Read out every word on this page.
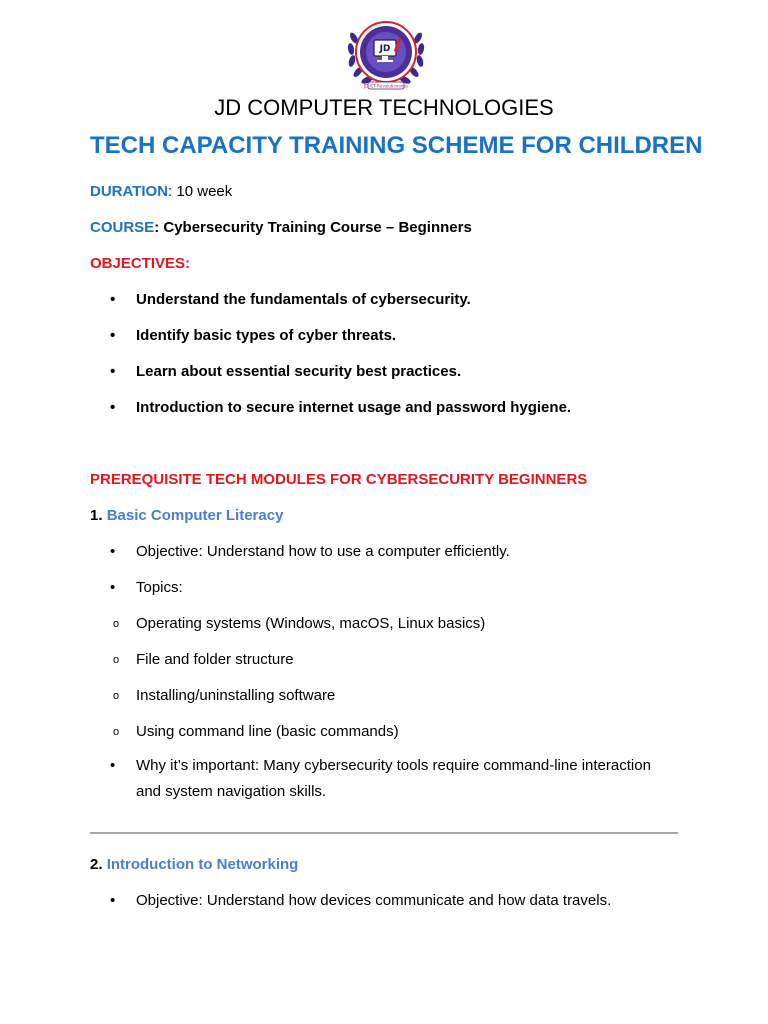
JD ICT Revolutionaries
JD
JD COMPUTER TECHNOLOGIES
TECH CAPACITY TRAINING SCHEME FOR CHILDREN
DURATION: 10 week
COURSE: Cybersecurity Training Course – Beginners
OBJECTIVES:
•Understand the fundamentals of cybersecurity.
•Identify basic types of cyber threats.
•Learn about essential security best practices.
•Introduction to secure internet usage and password hygiene.
PREREQUISITE TECH MODULES FOR CYBERSECURITY BEGINNERS
1. Basic Computer Literacy
•Objective: Understand how to use a computer efficiently.
•Topics:
oOperating systems (Windows, macOS, Linux basics)
oFile and folder structure
oInstalling/uninstalling software
oUsing command line (basic commands)
•
Why it’s important: Many cybersecurity tools require command-line interaction and system navigation skills.
2. Introduction to Networking
•Objective: Understand how devices communicate and how data travels.
